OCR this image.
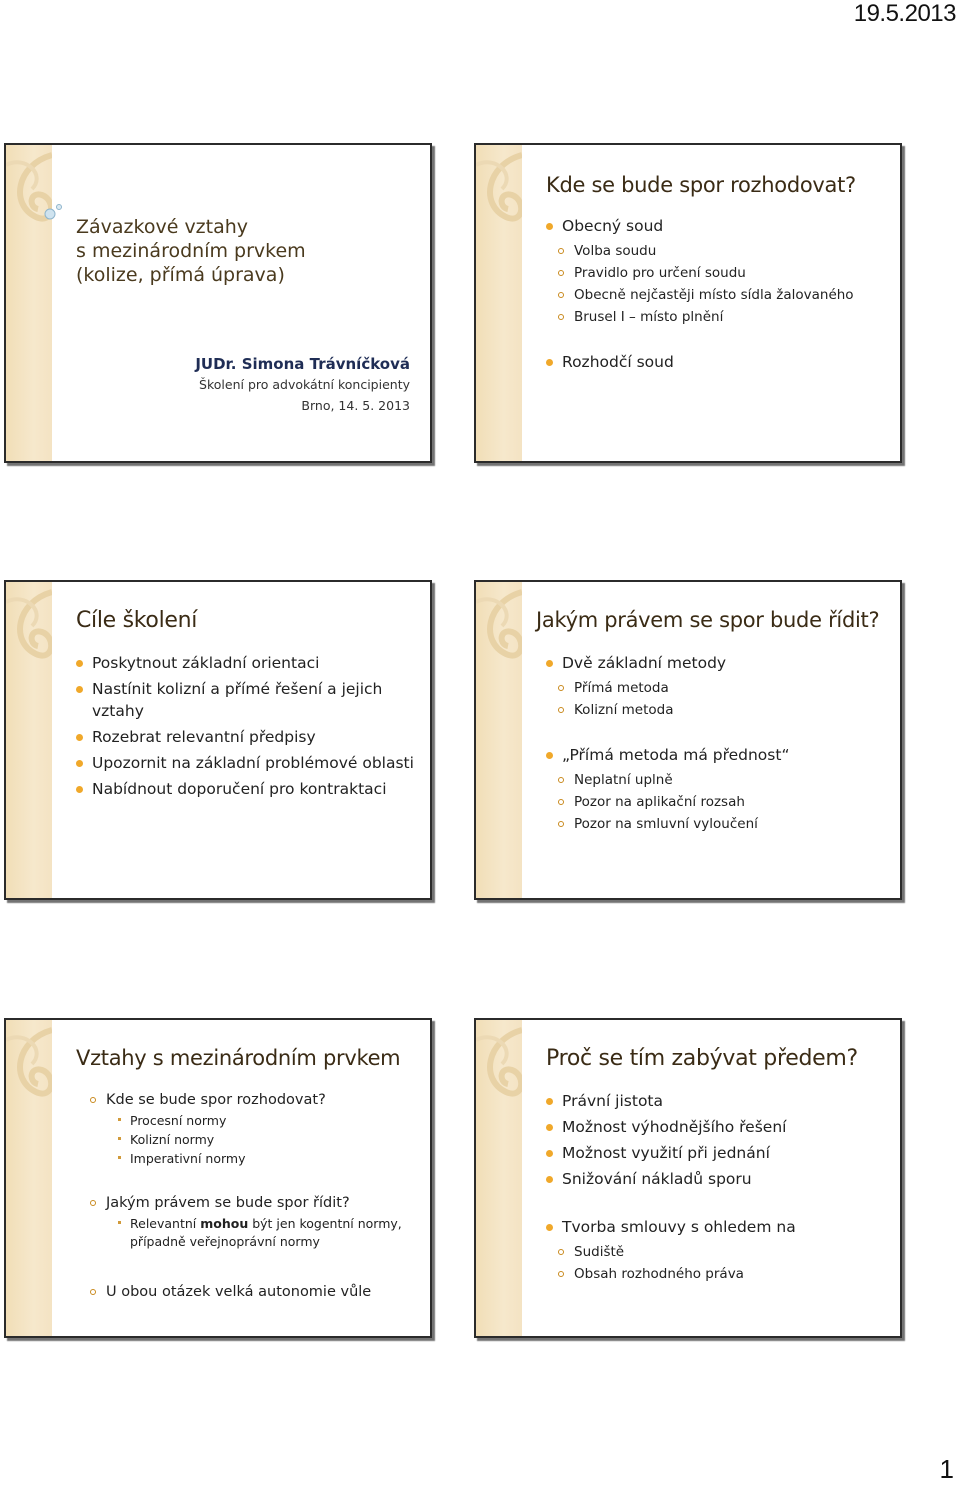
19.5.2013
Závazkové vztahy
s mezinárodním prvkem
(kolize, přímá úprava)
JUDr. Simona Trávníčková
Školení pro advokátní koncipienty
Brno, 14. 5. 2013
Kde se bude spor rozhodovat?
Obecný soud
Volba soudu
Pravidlo pro určení soudu
Obecně nejčastěji místo sídla žalovaného
Brusel I – místo plnění
Rozhodčí soud
Cíle školení
Poskytnout základní orientaci
Nastínit kolizní a přímé řešení a jejich vztahy
Rozebrat relevantní předpisy
Upozornit na základní problémové oblasti
Nabídnout doporučení pro kontraktaci
Jakým právem se spor bude řídit?
Dvě základní metody
Přímá metoda
Kolizní metoda
„Přímá metoda má přednost“
Neplatní uplně
Pozor na aplikační rozsah
Pozor na smluvní vyloučení
Vztahy s mezinárodním prvkem
Kde se bude spor rozhodovat?
Procesní normy
Kolizní normy
Imperativní normy
Jakým právem se bude spor řídit?
Relevantní mohou být jen kogentní normy, případně veřejnoprávní normy
U obou otázek velká autonomie vůle
Proč se tím zabývat předem?
Právní jistota
Možnost výhodnějšího řešení
Možnost využití při jednání
Snižování nákladů sporu
Tvorba smlouvy s ohledem na
Sudiště
Obsah rozhodného práva
1
